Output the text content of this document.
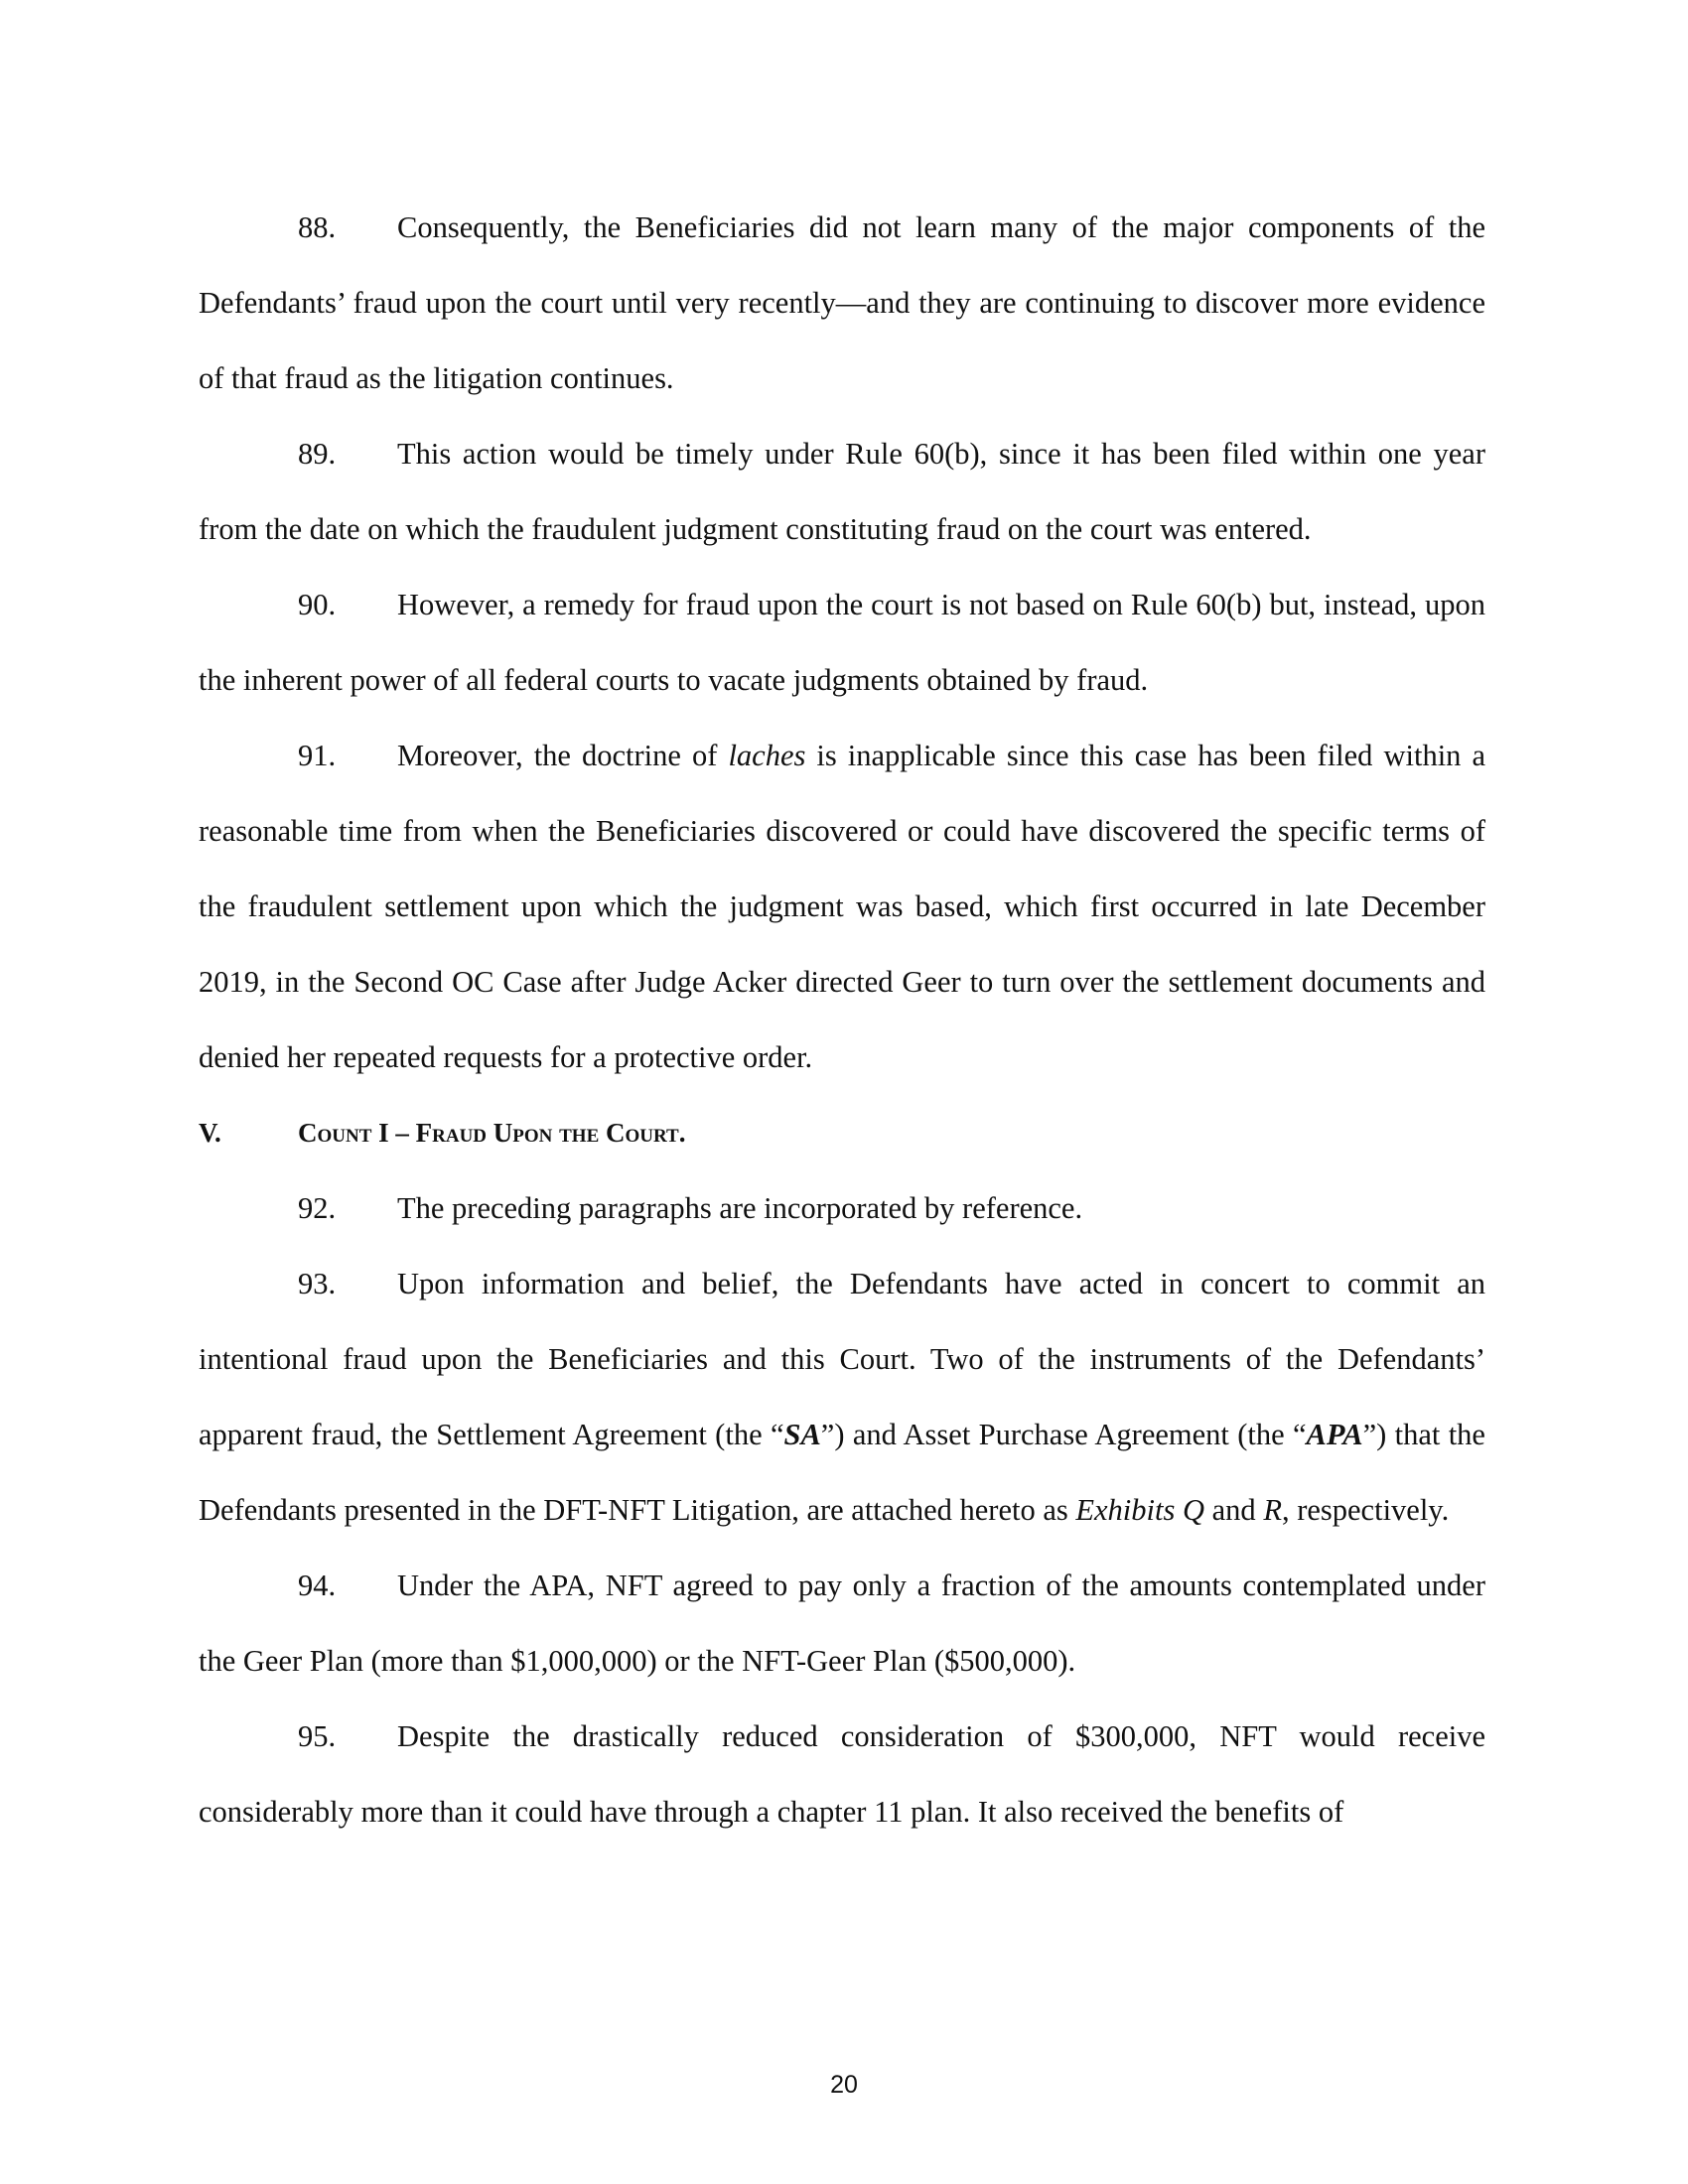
88. Consequently, the Beneficiaries did not learn many of the major components of the Defendants’ fraud upon the court until very recently—and they are continuing to discover more evidence of that fraud as the litigation continues.

89. This action would be timely under Rule 60(b), since it has been filed within one year from the date on which the fraudulent judgment constituting fraud on the court was entered.

90. However, a remedy for fraud upon the court is not based on Rule 60(b) but, instead, upon the inherent power of all federal courts to vacate judgments obtained by fraud.

91. Moreover, the doctrine of laches is inapplicable since this case has been filed within a reasonable time from when the Beneficiaries discovered or could have discovered the specific terms of the fraudulent settlement upon which the judgment was based, which first occurred in late December 2019, in the Second OC Case after Judge Acker directed Geer to turn over the settlement documents and denied her repeated requests for a protective order.

V.	Count I – Fraud Upon the Court.

92. The preceding paragraphs are incorporated by reference.

93. Upon information and belief, the Defendants have acted in concert to commit an intentional fraud upon the Beneficiaries and this Court. Two of the instruments of the Defendants’ apparent fraud, the Settlement Agreement (the “SA”) and Asset Purchase Agreement (the “APA”) that the Defendants presented in the DFT-NFT Litigation, are attached hereto as Exhibits Q and R, respectively.

94. Under the APA, NFT agreed to pay only a fraction of the amounts contemplated under the Geer Plan (more than $1,000,000) or the NFT-Geer Plan ($500,000).

95. Despite the drastically reduced consideration of $300,000, NFT would receive considerably more than it could have through a chapter 11 plan. It also received the benefits of

20
